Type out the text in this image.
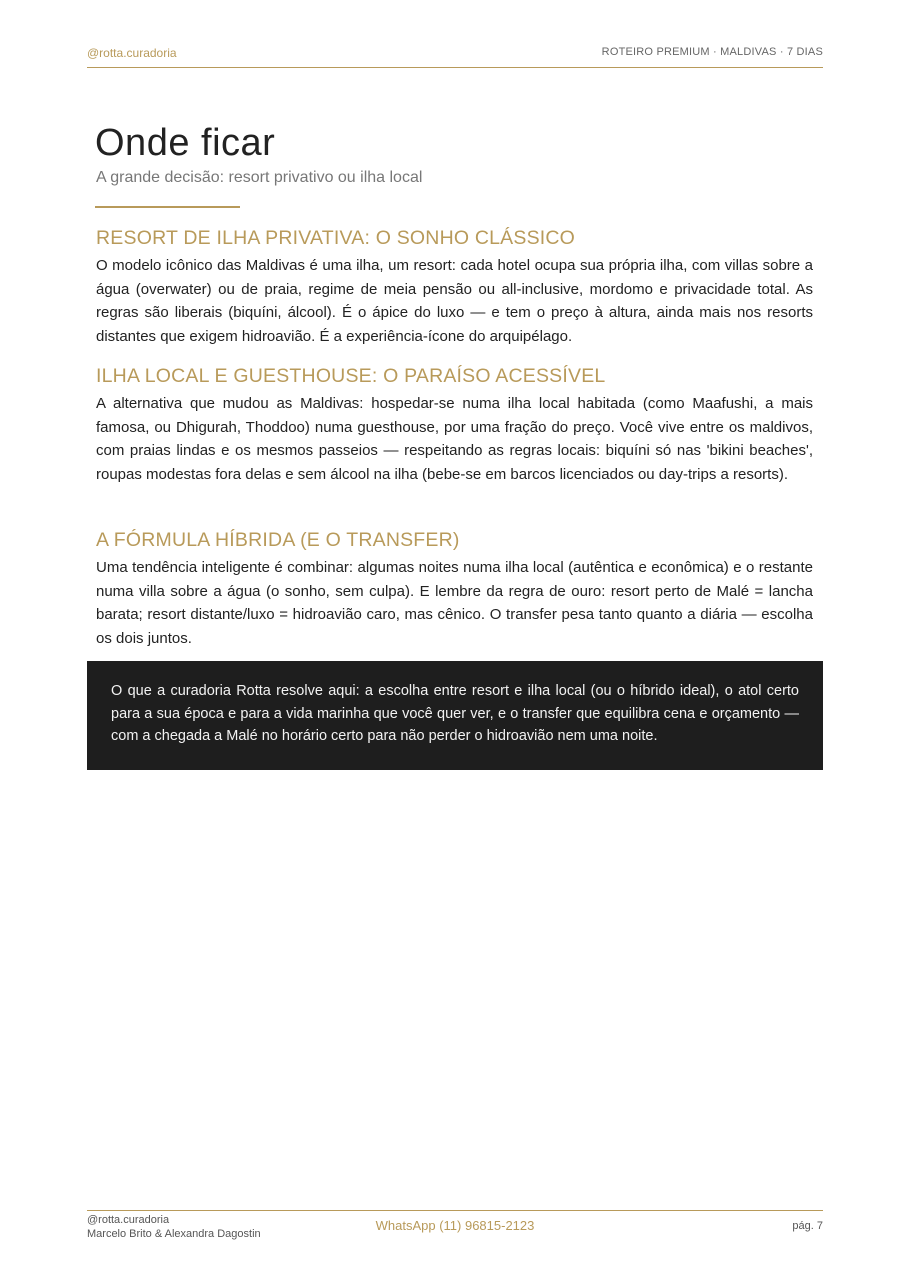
@rotta.curadoria	ROTEIRO PREMIUM · MALDIVAS · 7 DIAS
Onde ficar
A grande decisão: resort privativo ou ilha local
RESORT DE ILHA PRIVATIVA: O SONHO CLÁSSICO

O modelo icônico das Maldivas é uma ilha, um resort: cada hotel ocupa sua própria ilha, com villas sobre a água (overwater) ou de praia, regime de meia pensão ou all-inclusive, mordomo e privacidade total. As regras são liberais (biquíni, álcool). É o ápice do luxo — e tem o preço à altura, ainda mais nos resorts distantes que exigem hidroavião. É a experiência-ícone do arquipélago.

ILHA LOCAL E GUESTHOUSE: O PARAÍSO ACESSÍVEL

A alternativa que mudou as Maldivas: hospedar-se numa ilha local habitada (como Maafushi, a mais famosa, ou Dhigurah, Thoddoo) numa guesthouse, por uma fração do preço. Você vive entre os maldivos, com praias lindas e os mesmos passeios — respeitando as regras locais: biquíni só nas 'bikini beaches', roupas modestas fora delas e sem álcool na ilha (bebe-se em barcos licenciados ou day-trips a resorts).

A FÓRMULA HÍBRIDA (E O TRANSFER)

Uma tendência inteligente é combinar: algumas noites numa ilha local (autêntica e econômica) e o restante numa villa sobre a água (o sonho, sem culpa). E lembre da regra de ouro: resort perto de Malé = lancha barata; resort distante/luxo = hidroavião caro, mas cênico. O transfer pesa tanto quanto a diária — escolha os dois juntos.

O que a curadoria Rotta resolve aqui: a escolha entre resort e ilha local (ou o híbrido ideal), o atol certo para a sua época e para a vida marinha que você quer ver, e o transfer que equilibra cena e orçamento — com a chegada a Malé no horário certo para não perder o hidroavião nem uma noite.

@rotta.curadoria
Marcelo Brito & Alexandra Dagostin
WhatsApp (11) 96815-2123	pág. 7
